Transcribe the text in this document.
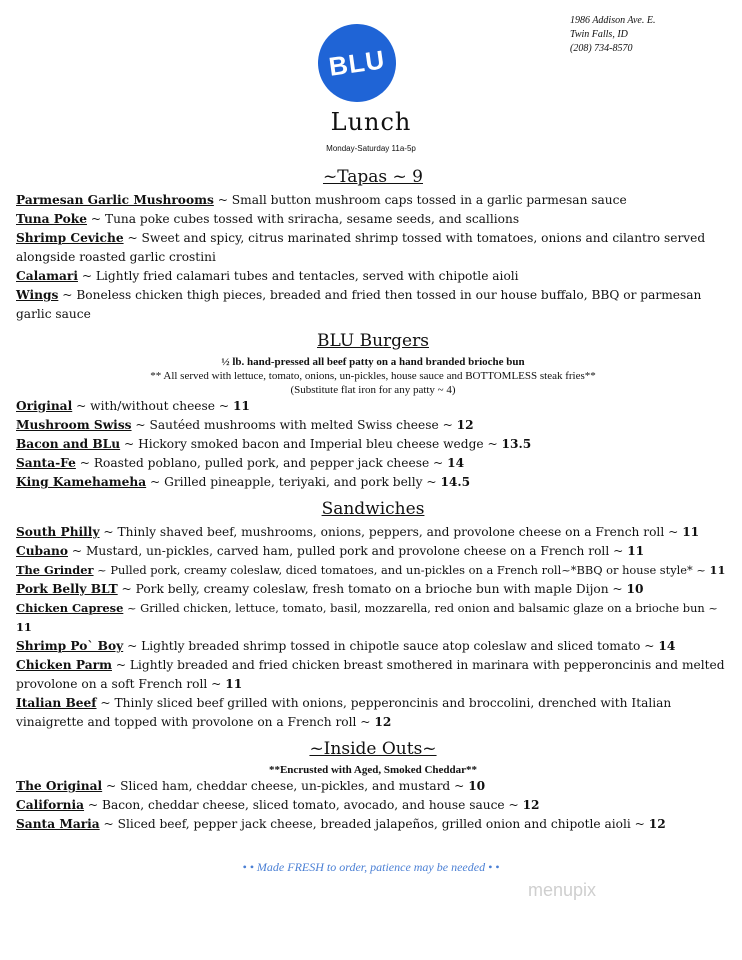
1986 Addison Ave. E.
Twin Falls, ID
(208) 734-8570
BLU
Lunch
Monday-Saturday 11a-5p
~Tapas ~ 9
Parmesan Garlic Mushrooms ~ Small button mushroom caps tossed in a garlic parmesan sauce
Tuna Poke ~ Tuna poke cubes tossed with sriracha, sesame seeds, and scallions
Shrimp Ceviche ~ Sweet and spicy, citrus marinated shrimp tossed with tomatoes, onions and cilantro served alongside roasted garlic crostini
Calamari ~ Lightly fried calamari tubes and tentacles, served with chipotle aioli
Wings ~ Boneless chicken thigh pieces, breaded and fried then tossed in our house buffalo, BBQ or parmesan garlic sauce
BLU Burgers
½ lb. hand-pressed all beef patty on a hand branded brioche bun
** All served with lettuce, tomato, onions, un-pickles, house sauce and BOTTOMLESS steak fries**
(Substitute flat iron for any patty ~ 4)
Original ~ with/without cheese ~ 11
Mushroom Swiss ~ Sautéed mushrooms with melted Swiss cheese ~ 12
Bacon and BLu ~ Hickory smoked bacon and Imperial bleu cheese wedge ~ 13.5
Santa-Fe ~ Roasted poblano, pulled pork, and pepper jack cheese ~ 14
King Kamehameha ~ Grilled pineapple, teriyaki, and pork belly ~ 14.5
Sandwiches
South Philly ~ Thinly shaved beef, mushrooms, onions, peppers, and provolone cheese on a French roll ~ 11
Cubano ~ Mustard, un-pickles, carved ham, pulled pork and provolone cheese on a French roll ~ 11
The Grinder ~ Pulled pork, creamy coleslaw, diced tomatoes, and un-pickles on a French roll~*BBQ or house style* ~ 11
Pork Belly BLT ~ Pork belly, creamy coleslaw, fresh tomato on a brioche bun with maple Dijon ~ 10
Chicken Caprese ~ Grilled chicken, lettuce, tomato, basil, mozzarella, red onion and balsamic glaze on a brioche bun ~ 11
Shrimp Po` Boy ~ Lightly breaded shrimp tossed in chipotle sauce atop coleslaw and sliced tomato ~ 14
Chicken Parm ~ Lightly breaded and fried chicken breast smothered in marinara with pepperoncinis and melted provolone on a soft French roll ~ 11
Italian Beef ~ Thinly sliced beef grilled with onions, pepperoncinis and broccolini, drenched with Italian vinaigrette and topped with provolone on a French roll ~ 12
~Inside Outs~
**Encrusted with Aged, Smoked Cheddar**
The Original ~ Sliced ham, cheddar cheese, un-pickles, and mustard ~ 10
California ~ Bacon, cheddar cheese, sliced tomato, avocado, and house sauce ~ 12
Santa Maria ~ Sliced beef, pepper jack cheese, breaded jalapeños, grilled onion and chipotle aioli ~ 12
• • Made FRESH to order, patience may be needed • •
menupix
